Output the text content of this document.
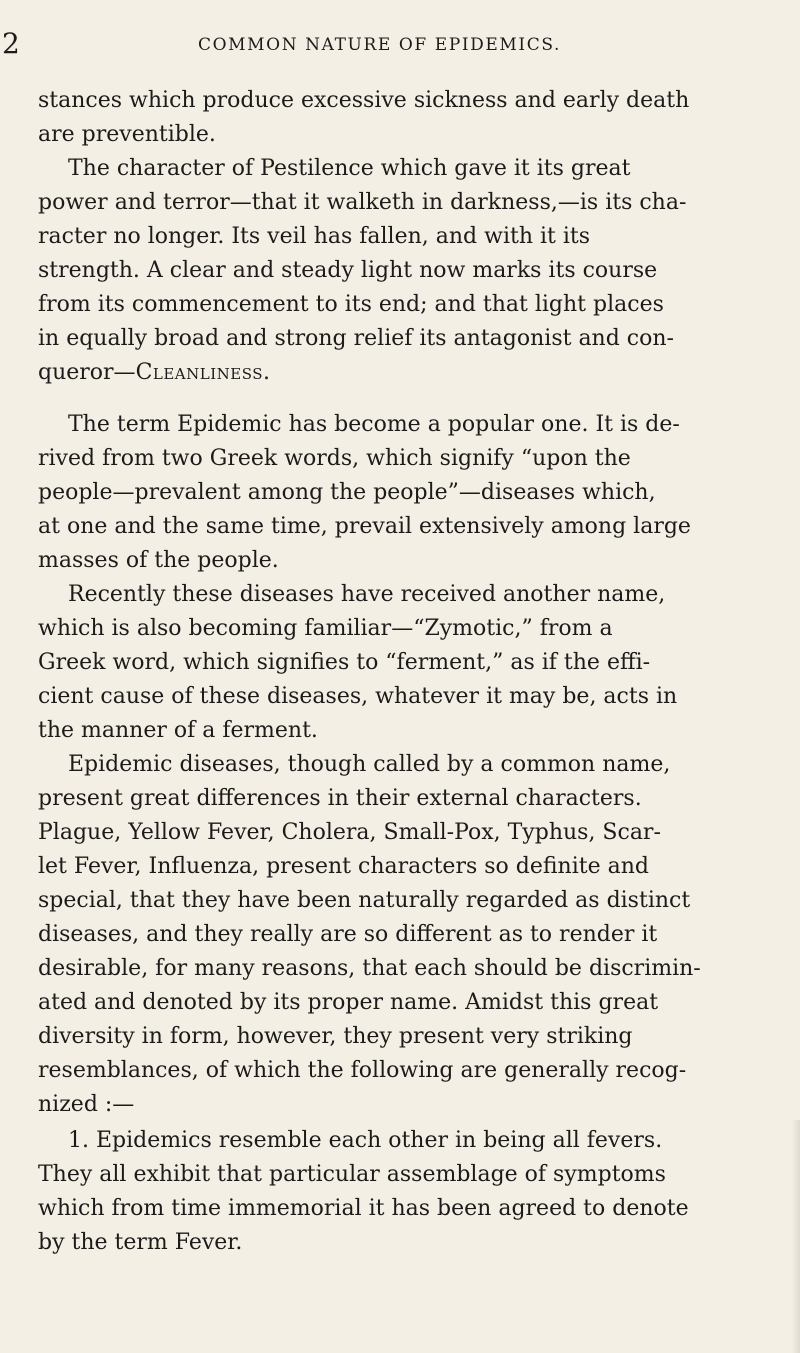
2	COMMON NATURE OF EPIDEMICS.
stances which produce excessive sickness and early death
are preventible.
The character of Pestilence which gave it its great
power and terror—that it walketh in darkness,—is its cha-
racter no longer. Its veil has fallen, and with it its
strength. A clear and steady light now marks its course
from its commencement to its end; and that light places
in equally broad and strong relief its antagonist and con-
queror—Cleanliness.
The term Epidemic has become a popular one. It is de-
rived from two Greek words, which signify “upon the
people—prevalent among the people”—diseases which,
at one and the same time, prevail extensively among large
masses of the people.
Recently these diseases have received another name,
which is also becoming familiar—“Zymotic,” from a
Greek word, which signifies to “ferment,” as if the effi-
cient cause of these diseases, whatever it may be, acts in
the manner of a ferment.
Epidemic diseases, though called by a common name,
present great differences in their external characters.
Plague, Yellow Fever, Cholera, Small-Pox, Typhus, Scar-
let Fever, Influenza, present characters so definite and
special, that they have been naturally regarded as distinct
diseases, and they really are so different as to render it
desirable, for many reasons, that each should be discrimin-
ated and denoted by its proper name. Amidst this great
diversity in form, however, they present very striking
resemblances, of which the following are generally recog-
nized :—
1. Epidemics resemble each other in being all fevers.
They all exhibit that particular assemblage of symptoms
which from time immemorial it has been agreed to denote
by the term Fever.
